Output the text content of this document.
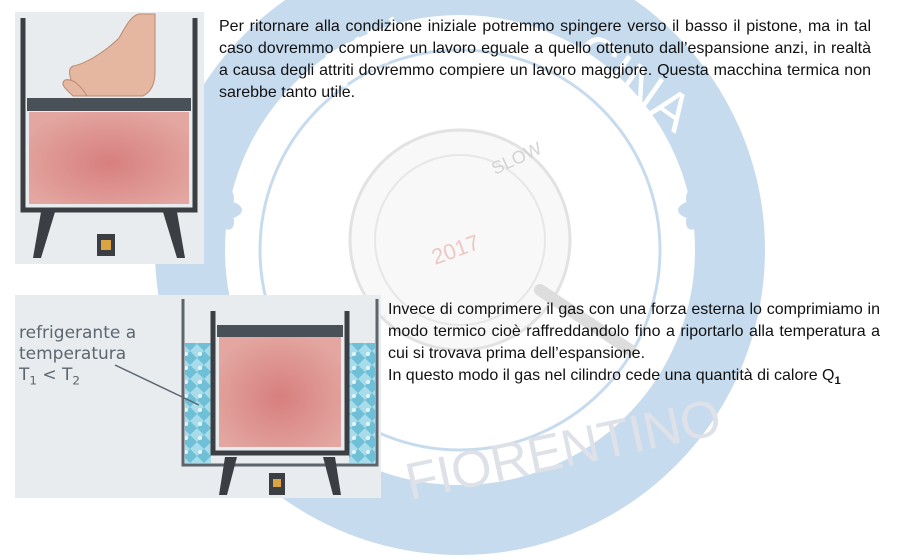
FIN	CINA
FIORENTINO
SLOW
2017

Per ritornare alla condizione iniziale potremmo spingere verso il basso il pistone, ma in tal caso dovremmo compiere un lavoro eguale a quello ottenuto dall’espansione anzi, in realtà a causa degli attriti dovremmo compiere un lavoro maggiore. Questa macchina termica non sarebbe tanto utile.

refrigerante a
temperatura
$T_1 < T_2$

Invece di comprimere il gas con una forza esterna lo comprimiamo in modo termico cioè raffreddandolo fino a riportarlo alla temperatura a cui si trovava prima dell’espansione.

In questo modo il gas nel cilindro cede una quantità di calore $Q_1$
